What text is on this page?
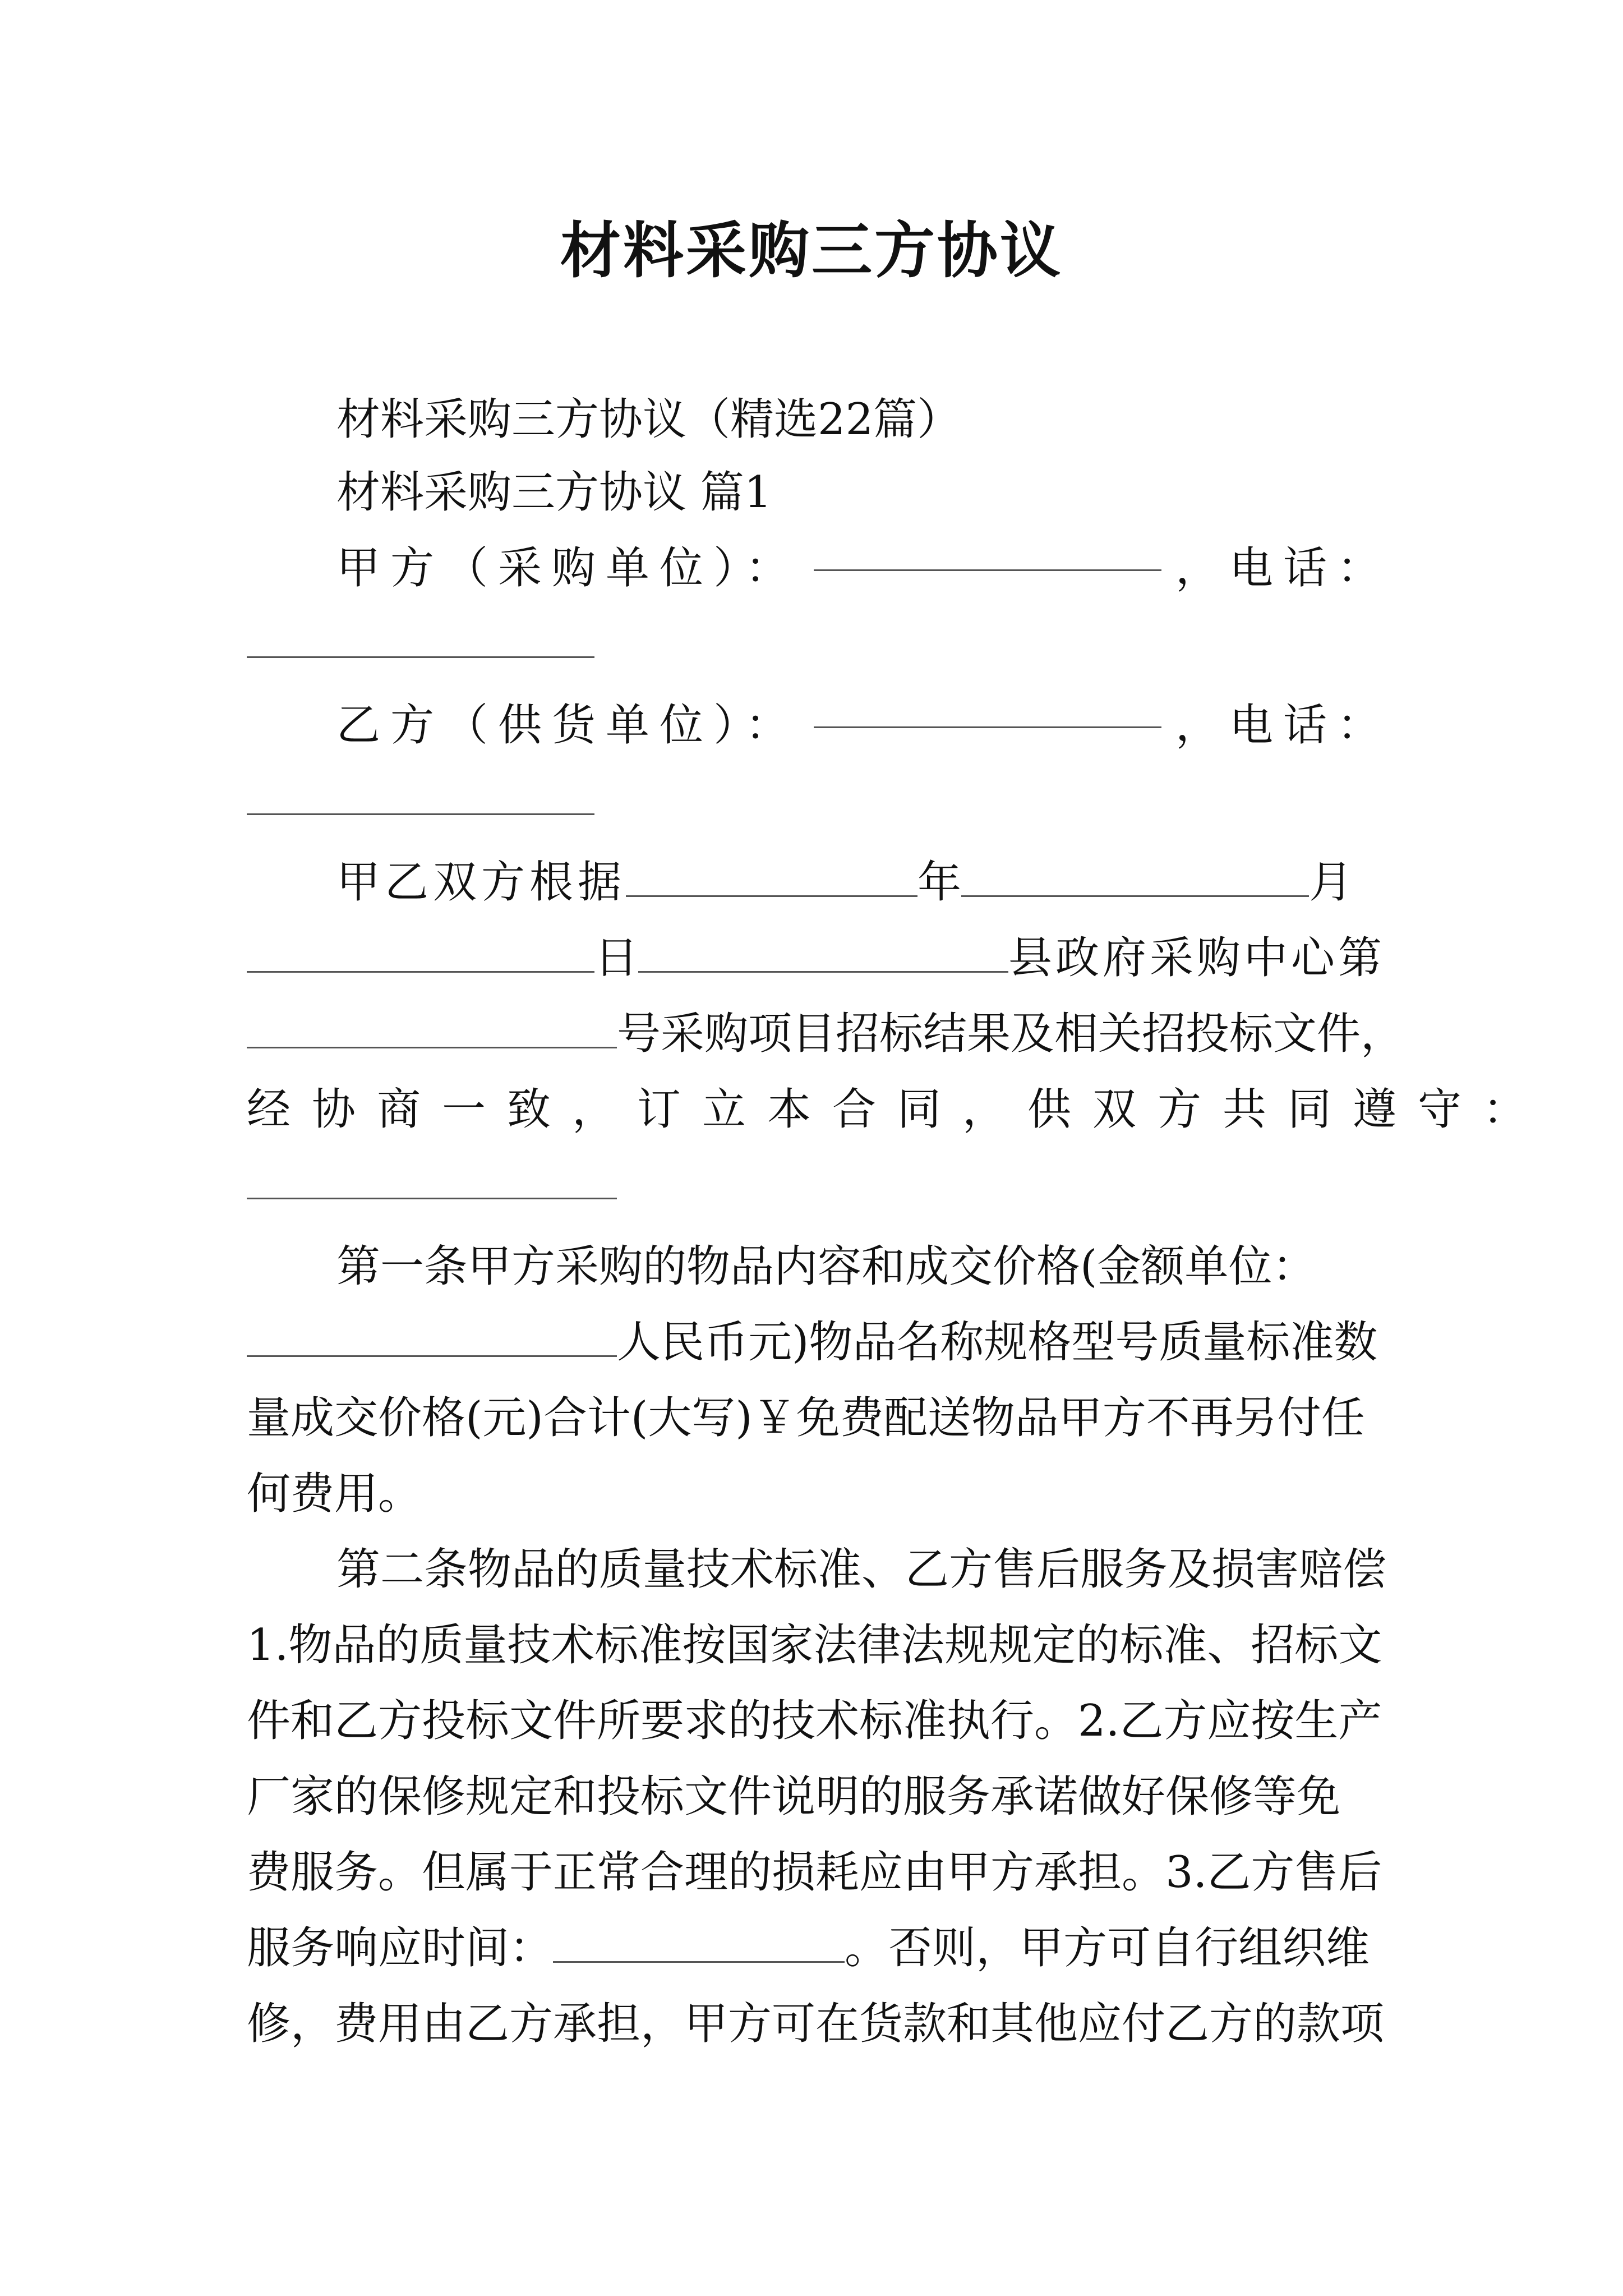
材料采购三方协议
材料采购三方协议（精选22篇）
材料采购三方协议 篇1
甲方（采购单位）：	，电话：
乙方（供货单位）：	，电话：
甲乙双方根据	年	月
日	县政府采购中心第
号采购项目招标结果及相关招投标文件，
经协商一致，订立本合同，供双方共同遵守：
第一条甲方采购的物品内容和成交价格(金额单位：
人民币元)物品名称规格型号质量标准数
量成交价格(元)合计(大写)￥免费配送物品甲方不再另付任
何费用。
第二条物品的质量技术标准、乙方售后服务及损害赔偿
1.物品的质量技术标准按国家法律法规规定的标准、招标文
件和乙方投标文件所要求的技术标准执行。2.乙方应按生产
厂家的保修规定和投标文件说明的服务承诺做好保修等免
费服务。但属于正常合理的损耗应由甲方承担。3.乙方售后
服务响应时间：	。否则，甲方可自行组织维
修，费用由乙方承担，甲方可在货款和其他应付乙方的款项
